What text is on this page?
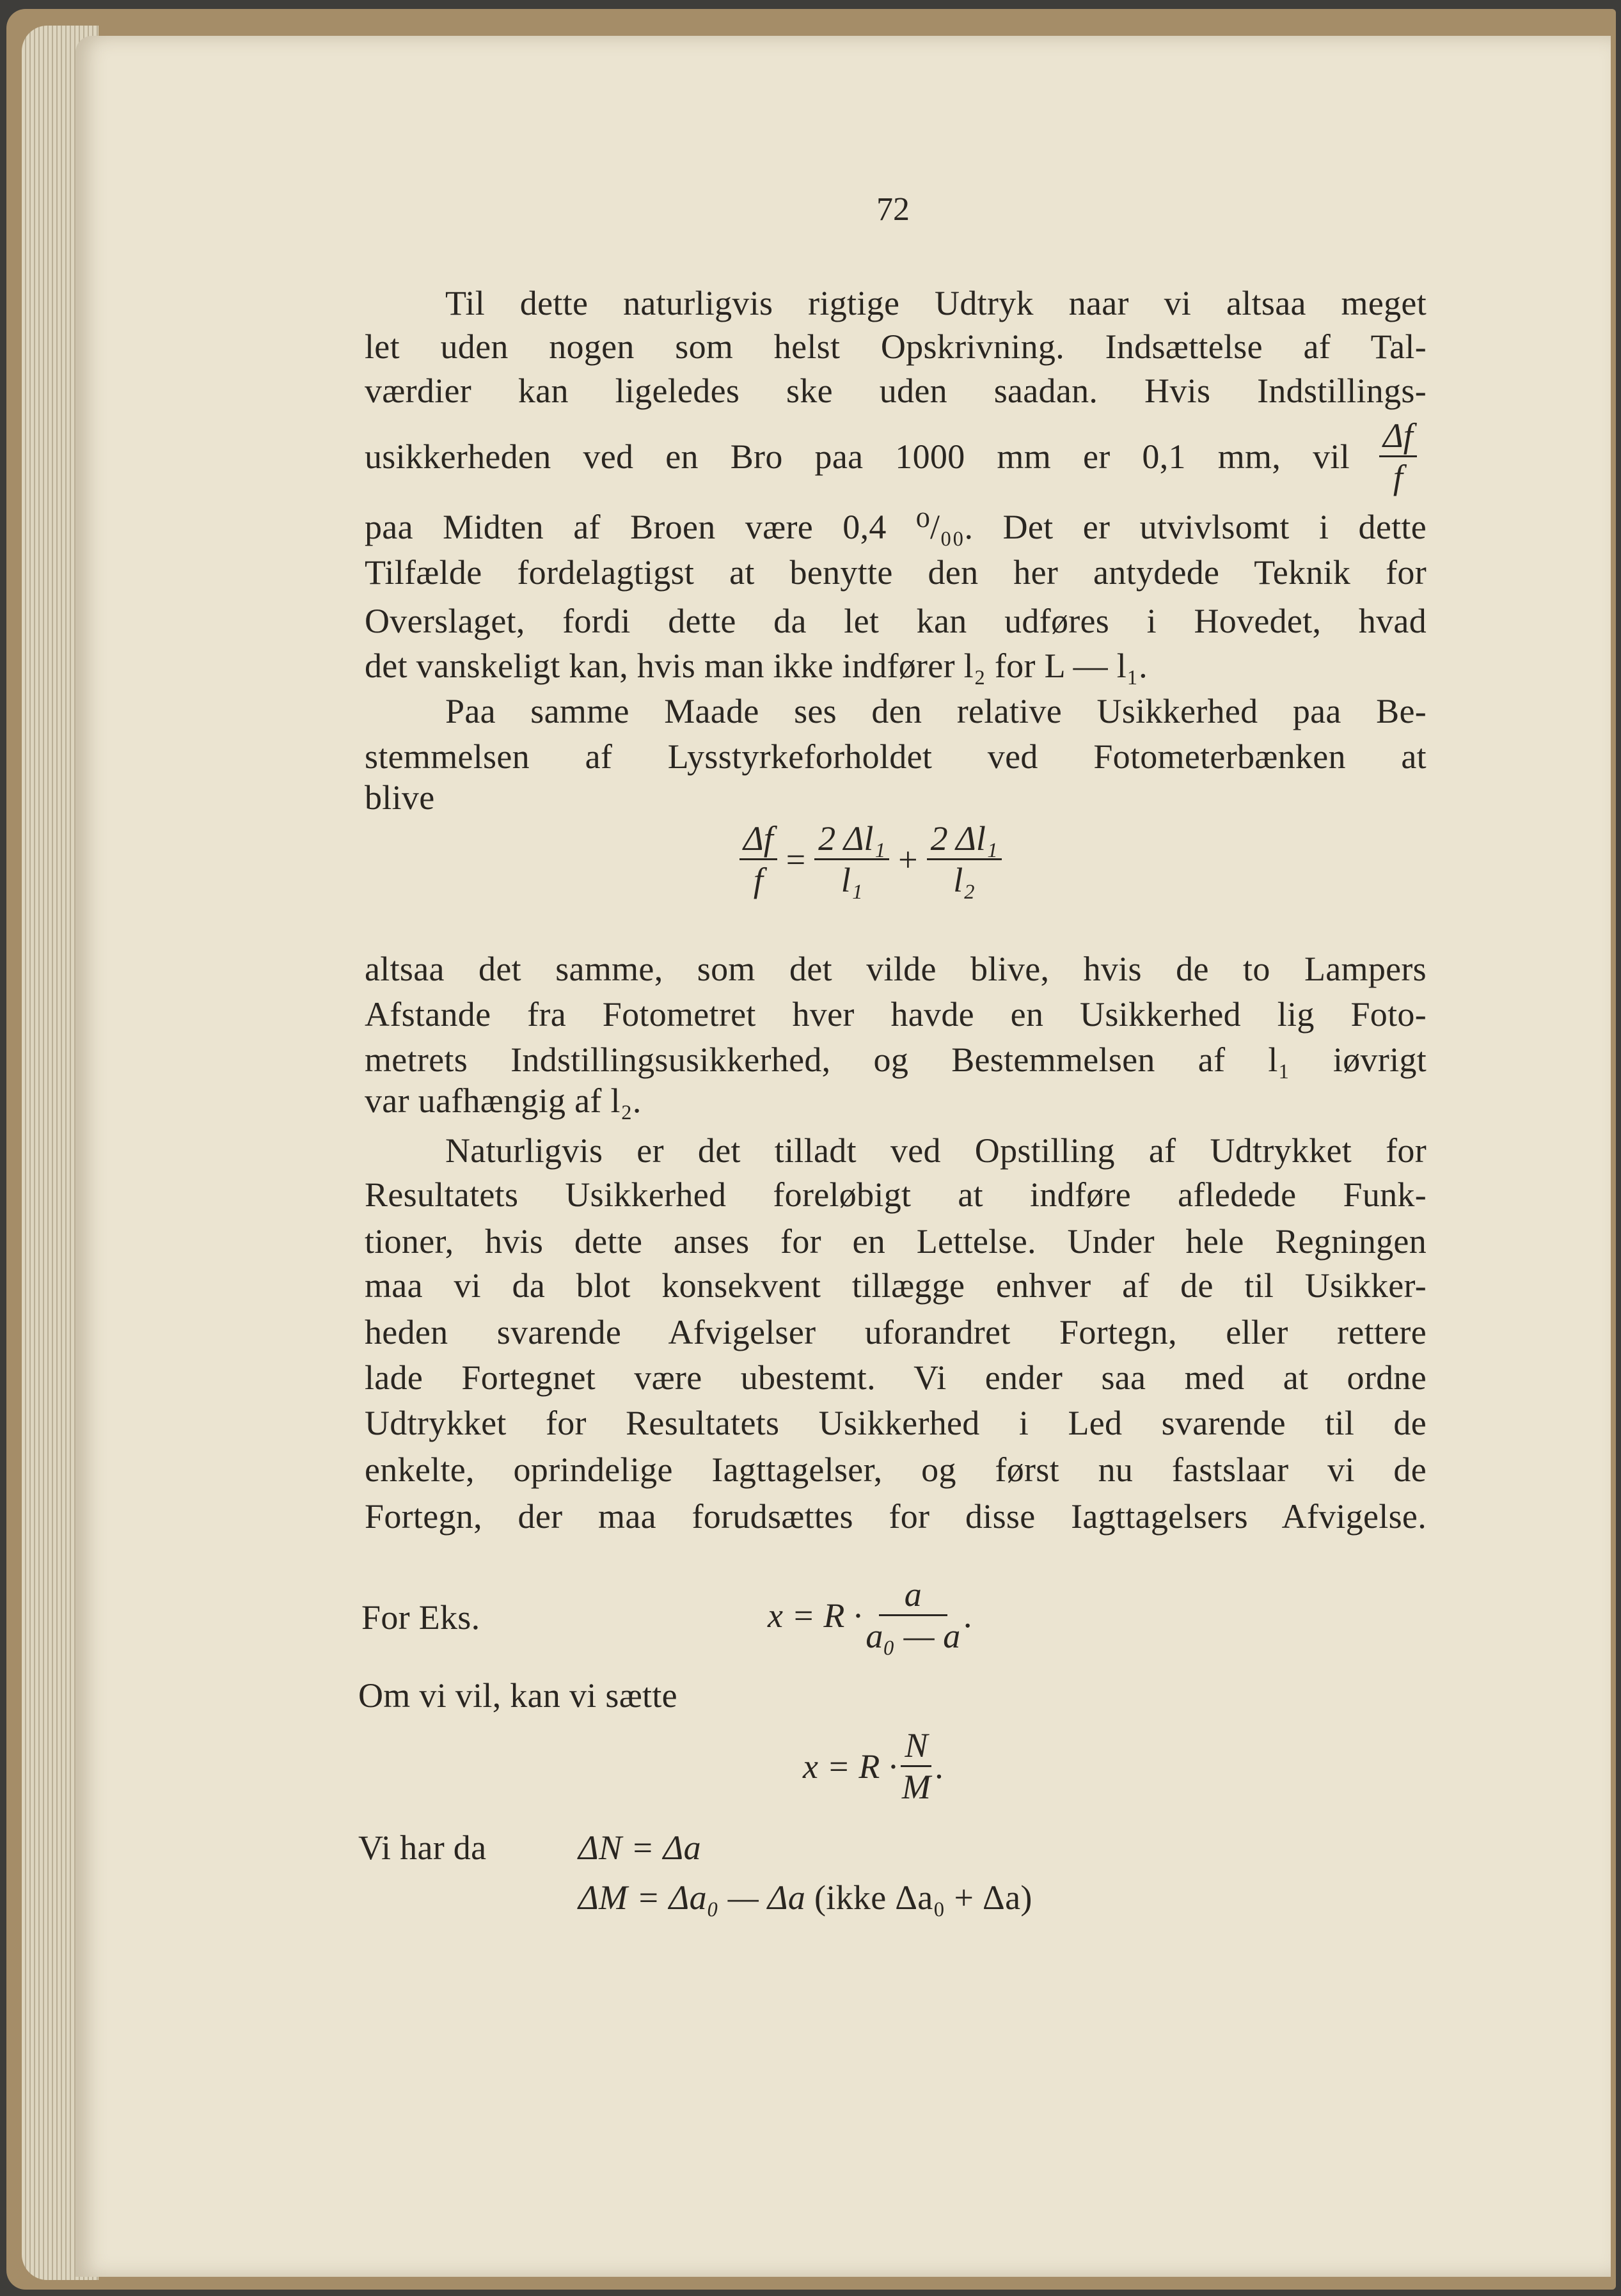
72
Til dette naturligvis rigtige Udtryk naar vi altsaa meget
let uden nogen som helst Opskrivning. Indsættelse af Tal-
værdier kan ligeledes ske uden saadan. Hvis Indstillings-
usikkerheden ved en Bro paa 1000 mm er 0,1 mm, vil
paa Midten af Broen være 0,4 ⁰/₀₀. Det er utvivlsomt i dette
Tilfælde fordelagtigst at benytte den her antydede Teknik for
Overslaget, fordi dette da let kan udføres i Hovedet, hvad
det vanskeligt kan, hvis man ikke indfører l₂ for L — l₁.
Paa samme Maade ses den relative Usikkerhed paa Be-
stemmelsen af Lysstyrkeforholdet ved Fotometerbænken at
blive
altsaa det samme, som det vilde blive, hvis de to Lampers
Afstande fra Fotometret hver havde en Usikkerhed lig Foto-
metrets Indstillingsusikkerhed, og Bestemmelsen af l₁ iøvrigt
var uafhængig af l₂.
Naturligvis er det tilladt ved Opstilling af Udtrykket for
Resultatets Usikkerhed foreløbigt at indføre afledede Funk-
tioner, hvis dette anses for en Lettelse. Under hele Regningen
maa vi da blot konsekvent tillægge enhver af de til Usikker-
heden svarende Afvigelser uforandret Fortegn, eller rettere
lade Fortegnet være ubestemt. Vi ender saa med at ordne
Udtrykket for Resultatets Usikkerhed i Led svarende til de
enkelte, oprindelige Iagttagelser, og først nu fastslaar vi de
Fortegn, der maa forudsættes for disse Iagttagelsers Afvigelse.
$\frac{\Delta f}{f}$
$\frac{\Delta f}{f} = \frac{\text{2 Δl₁}}{\text{l₁}} + \frac{\text{2 Δl₁}}{\text{l₂}}$
For Eks.	$x = R \cdot \frac{a}{\text{a₀ — a}}$ .
Om vi vil, kan vi sætte
$x = R \cdot \frac{N}{M}$ .
Vi har da	ΔN = Δa
ΔM = Δa₀ — Δa (ikke Δa₀ + Δa)
